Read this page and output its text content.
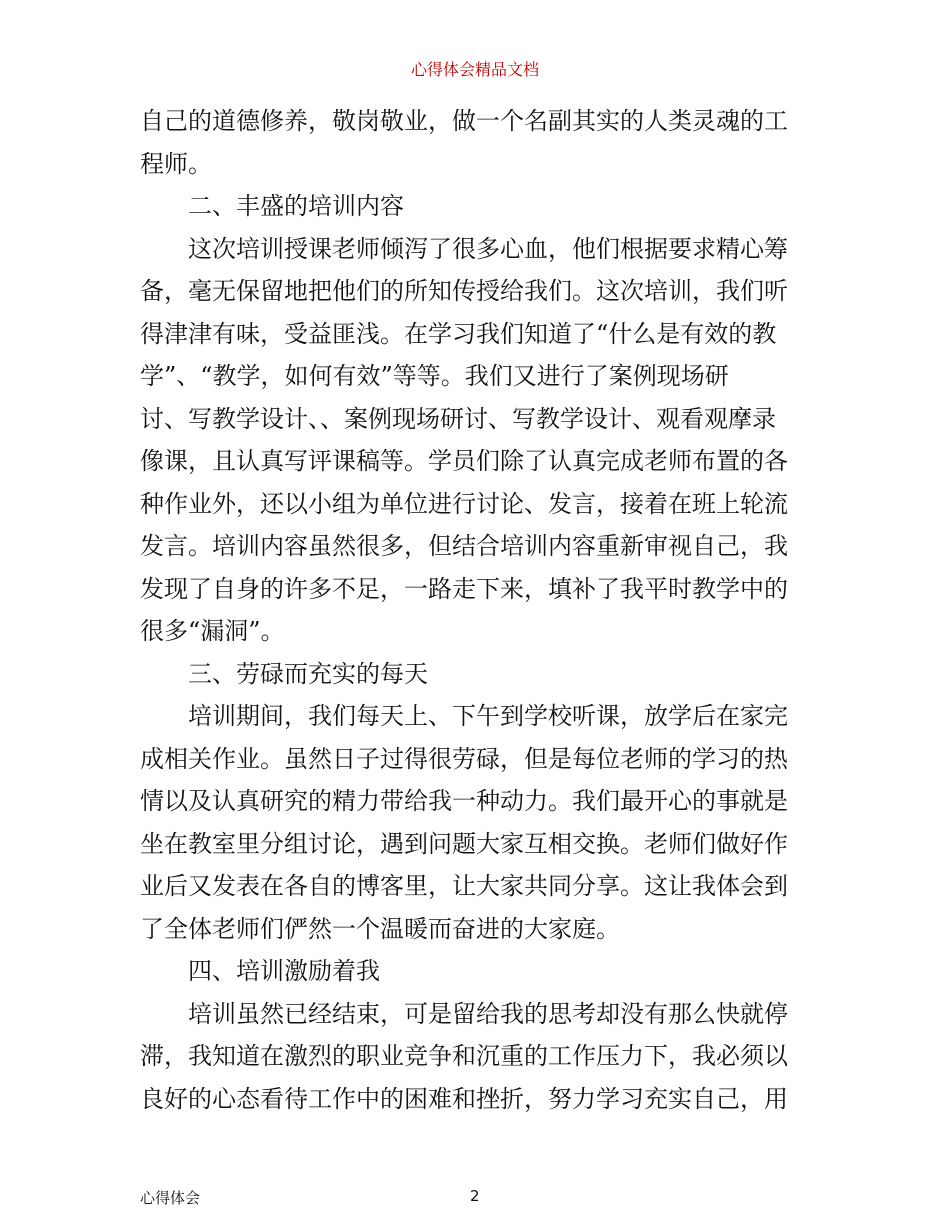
心得体会精品文档
自己的道德修养，敬岗敬业，做一个名副其实的人类灵魂的工
程师。
二、丰盛的培训内容
这次培训授课老师倾泻了很多心血，他们根据要求精心筹
备，毫无保留地把他们的所知传授给我们。这次培训，我们听
得津津有味，受益匪浅。在学习我们知道了“什么是有效的教
学”、“教学，如何有效”等等。我们又进行了案例现场研
讨、写教学设计、、案例现场研讨、写教学设计、观看观摩录
像课，且认真写评课稿等。学员们除了认真完成老师布置的各
种作业外，还以小组为单位进行讨论、发言，接着在班上轮流
发言。培训内容虽然很多，但结合培训内容重新审视自己，我
发现了自身的许多不足，一路走下来，填补了我平时教学中的
很多“漏洞”。
三、劳碌而充实的每天
培训期间，我们每天上、下午到学校听课，放学后在家完
成相关作业。虽然日子过得很劳碌，但是每位老师的学习的热
情以及认真研究的精力带给我一种动力。我们最开心的事就是
坐在教室里分组讨论，遇到问题大家互相交换。老师们做好作
业后又发表在各自的博客里，让大家共同分享。这让我体会到
了全体老师们俨然一个温暖而奋进的大家庭。
四、培训激励着我
培训虽然已经结束，可是留给我的思考却没有那么快就停
滞，我知道在激烈的职业竞争和沉重的工作压力下，我必须以
良好的心态看待工作中的困难和挫折，努力学习充实自己，用
心得体会	2
